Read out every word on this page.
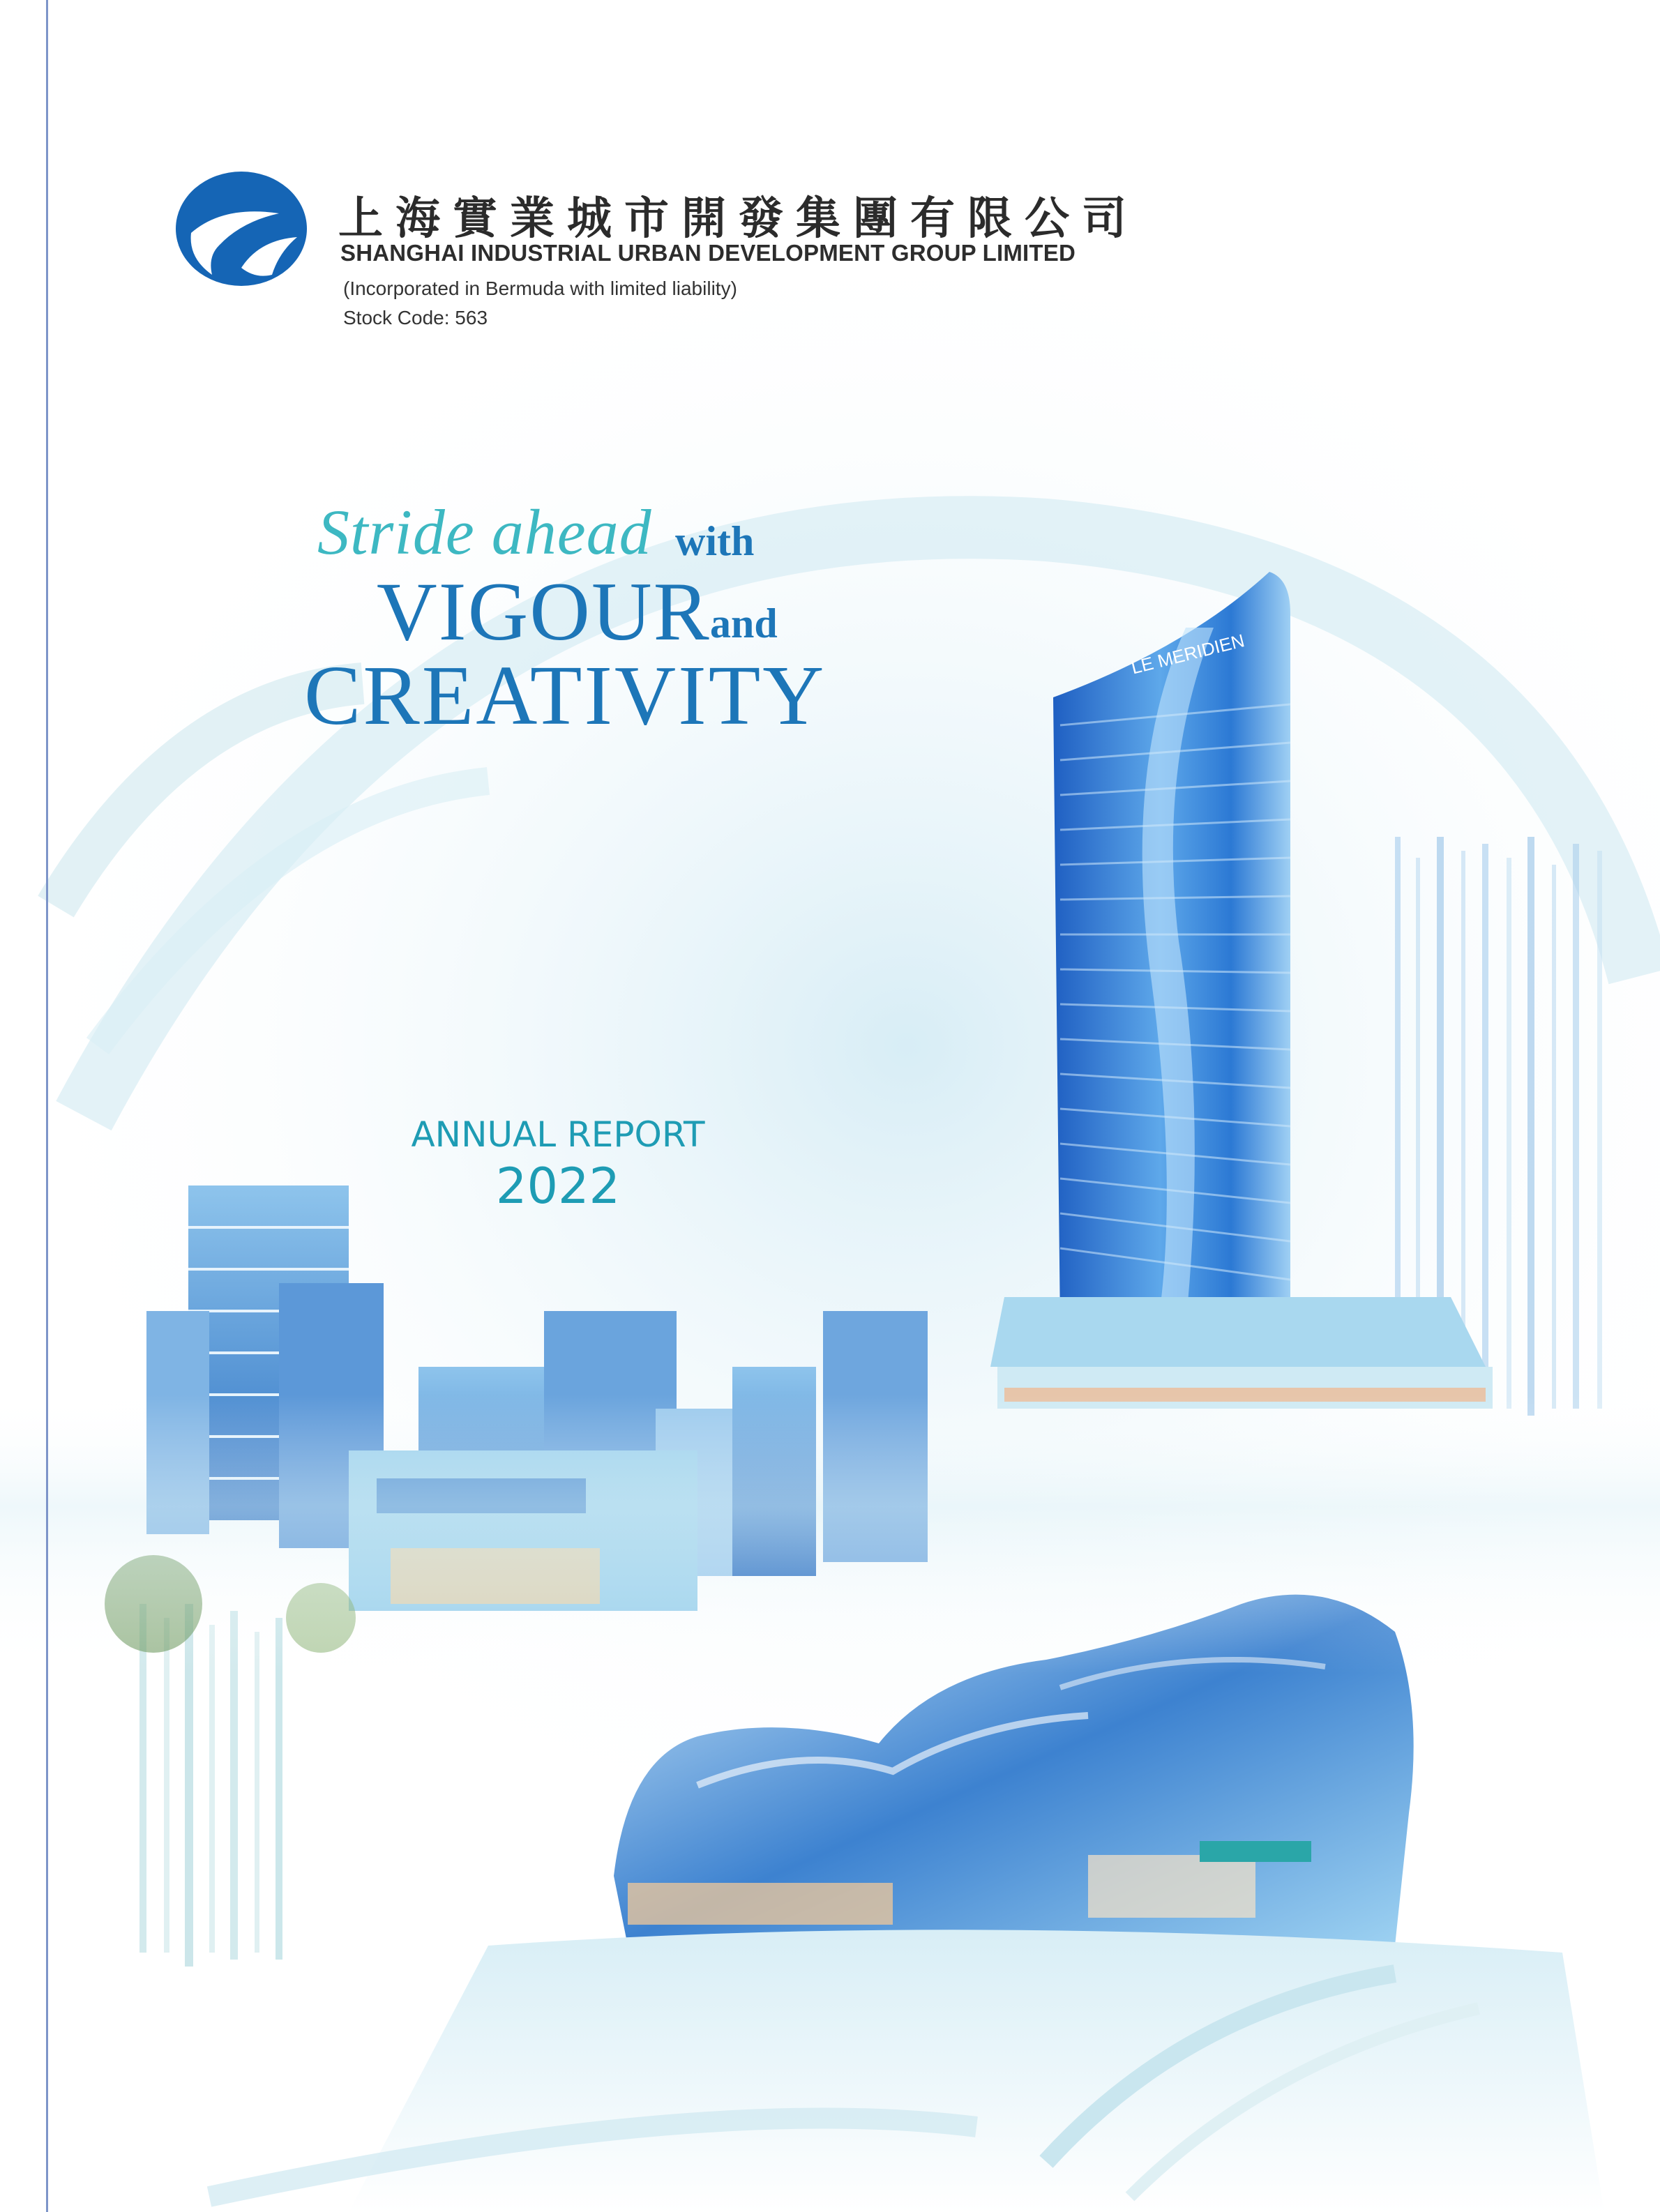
LE MERIDIEN
上海實業城市開發集團有限公司
SHANGHAI INDUSTRIAL URBAN DEVELOPMENT GROUP LIMITED
(Incorporated in Bermuda with limited liability)
Stock Code: 563
Stride ahead with
VIGOUR and
CREATIVITY
ANNUAL REPORT
2022
